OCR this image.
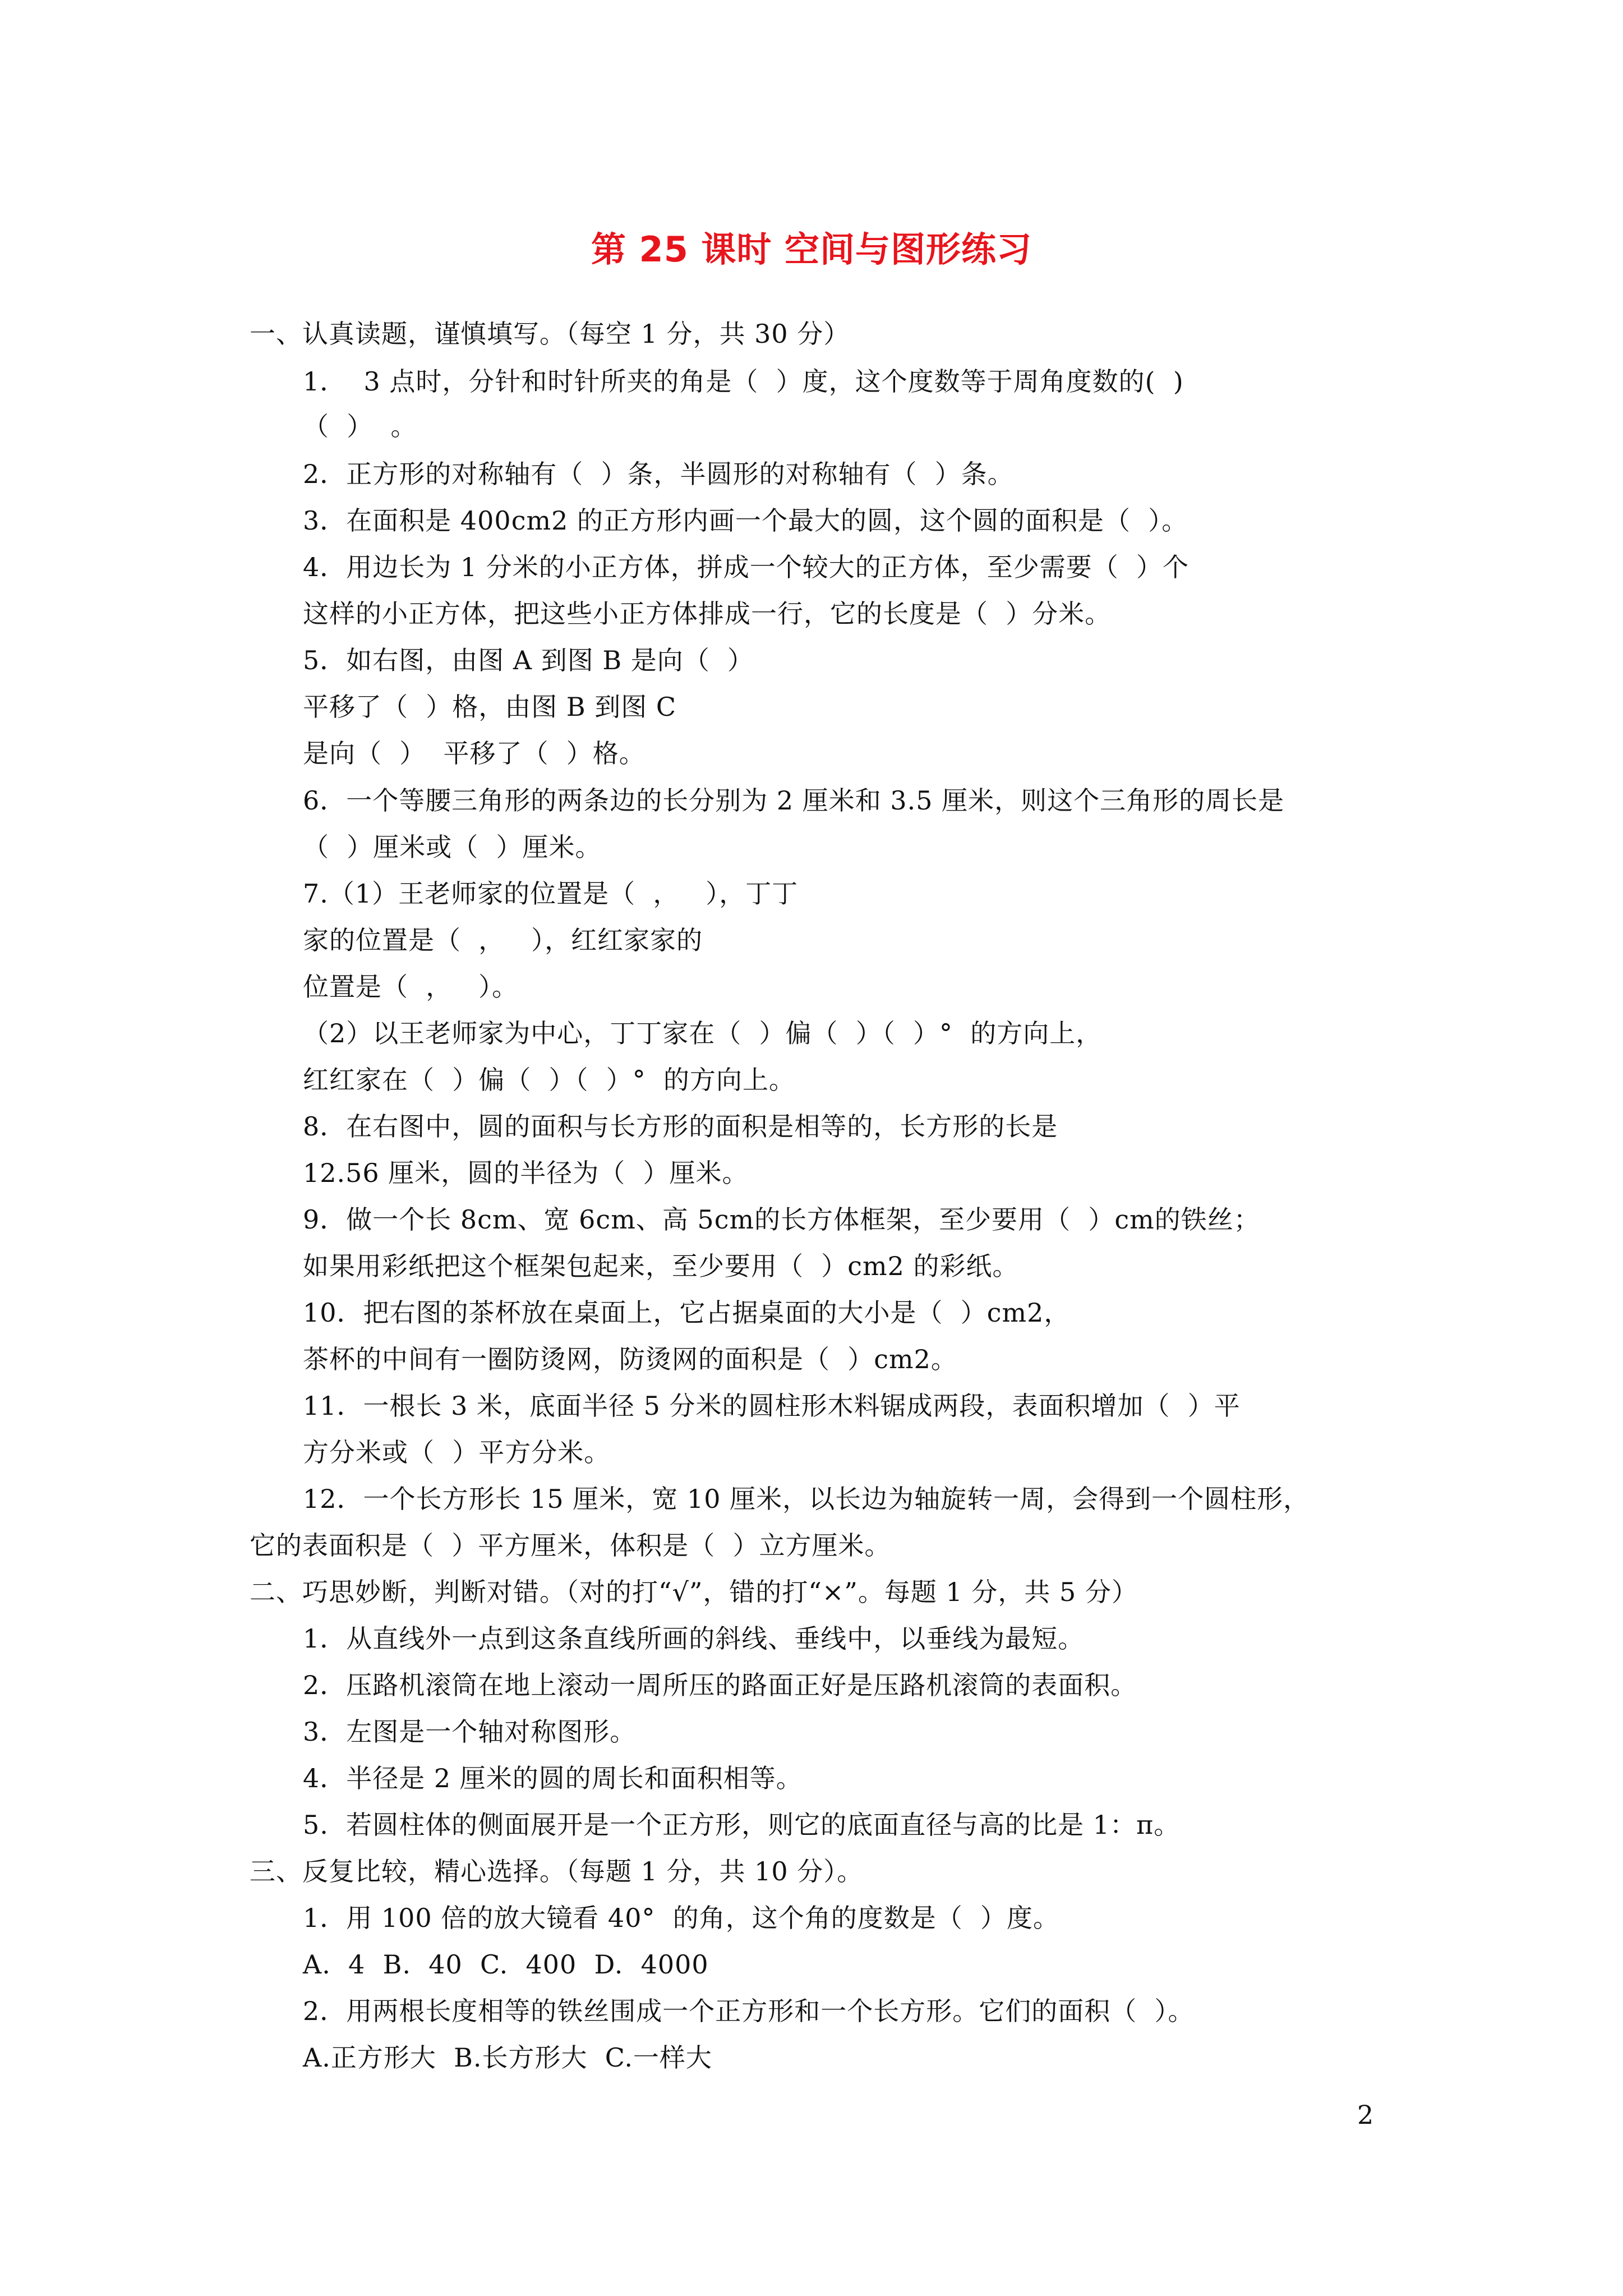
第 25 课时 空间与图形练习
一、认真读题，谨慎填写。（每空 1 分，共 30 分）
1．  3 点时，分针和时针所夹的角是（  ）度，这个度数等于周角度数的(  )
（  ）  。
2．正方形的对称轴有（  ）条，半圆形的对称轴有（  ）条。
3．在面积是 400cm2 的正方形内画一个最大的圆，这个圆的面积是（  ）。
4．用边长为 1 分米的小正方体，拼成一个较大的正方体，至少需要（  ）个
这样的小正方体，把这些小正方体排成一行，它的长度是（  ）分米。
5．如右图，由图 A 到图 B 是向（  ）
平移了（  ）格，由图 B 到图 C
是向（  ）  平移了（  ）格。
6．一个等腰三角形的两条边的长分别为 2 厘米和 3.5 厘米，则这个三角形的周长是
（  ）厘米或（  ）厘米。
7.（1）王老师家的位置是（  ，   ），丁丁
家的位置是（  ，   ），红红家家的
位置是（  ，   ）。
（2）以王老师家为中心，丁丁家在（  ）偏（  ）（  ）°  的方向上，
红红家在（  ）偏（  ）（  ）°  的方向上。
8．在右图中，圆的面积与长方形的面积是相等的，长方形的长是
12.56 厘米，圆的半径为（  ）厘米。
9．做一个长 8cm、宽 6cm、高 5cm的长方体框架，至少要用（  ）cm的铁丝；
如果用彩纸把这个框架包起来，至少要用（  ）cm2 的彩纸。
10．把右图的茶杯放在桌面上，它占据桌面的大小是（  ）cm2，
茶杯的中间有一圈防烫网，防烫网的面积是（  ）cm2。
11．一根长 3 米，底面半径 5 分米的圆柱形木料锯成两段，表面积增加（  ）平
方分米或（  ）平方分米。
12．一个长方形长 15 厘米，宽 10 厘米，以长边为轴旋转一周，会得到一个圆柱形，
它的表面积是（  ）平方厘米，体积是（  ）立方厘米。
二、巧思妙断，判断对错。（对的打“√”，错的打“×”。每题 1 分，共 5 分）
1．从直线外一点到这条直线所画的斜线、垂线中，以垂线为最短。
2．压路机滚筒在地上滚动一周所压的路面正好是压路机滚筒的表面积。
3．左图是一个轴对称图形。
4．半径是 2 厘米的圆的周长和面积相等。
5.  若圆柱体的侧面展开是一个正方形，则它的底面直径与高的比是 1：π。
三、反复比较，精心选择。（每题 1 分，共 10 分）。
1．用 100 倍的放大镜看 40°  的角，这个角的度数是（  ）度。
A.  4  B.  40  C.  400  D.  4000
2．用两根长度相等的铁丝围成一个正方形和一个长方形。它们的面积（  ）。
A.正方形大  B.长方形大  C.一样大
2
